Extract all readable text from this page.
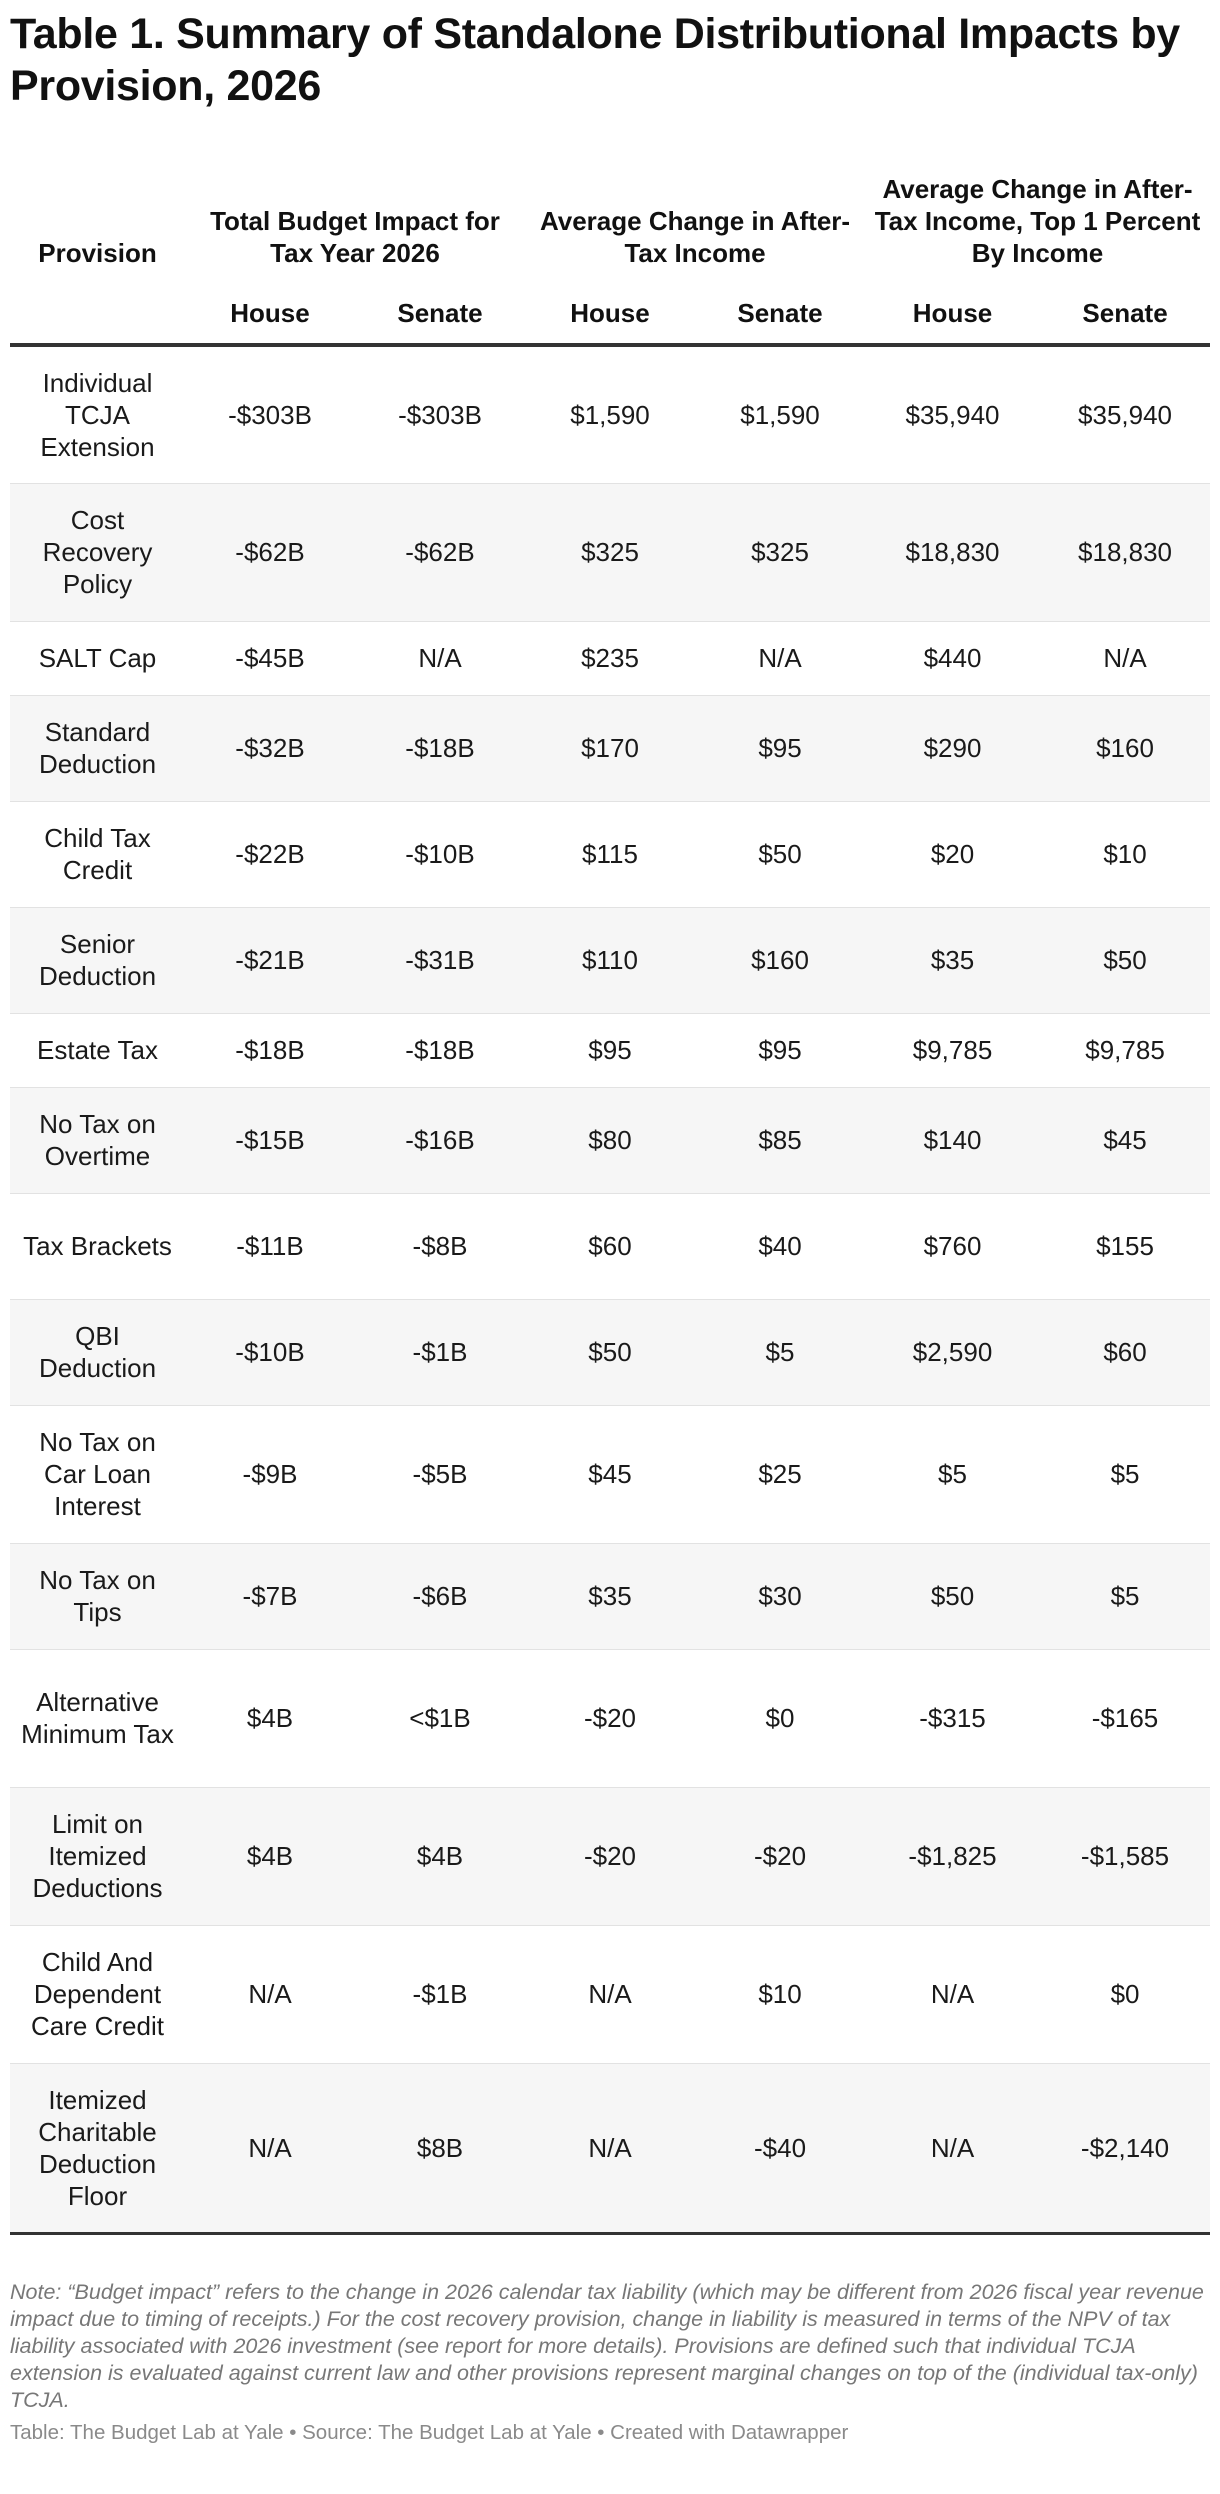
Table 1. Summary of Standalone Distributional Impacts by Provision, 2026
Provision	Total Budget Impact for Tax Year 2026		Average Change in After-Tax Income		Average Change in After-Tax Income, Top 1 Percent By Income	
	House	Senate	House	Senate	House	Senate
Individual TCJA Extension	-$303B	-$303B	$1,590	$1,590	$35,940	$35,940
Cost Recovery Policy	-$62B	-$62B	$325	$325	$18,830	$18,830
SALT Cap	-$45B	N/A	$235	N/A	$440	N/A
Standard Deduction	-$32B	-$18B	$170	$95	$290	$160
Child Tax Credit	-$22B	-$10B	$115	$50	$20	$10
Senior Deduction	-$21B	-$31B	$110	$160	$35	$50
Estate Tax	-$18B	-$18B	$95	$95	$9,785	$9,785
No Tax on Overtime	-$15B	-$16B	$80	$85	$140	$45
Tax Brackets	-$11B	-$8B	$60	$40	$760	$155
QBI Deduction	-$10B	-$1B	$50	$5	$2,590	$60
No Tax on Car Loan Interest	-$9B	-$5B	$45	$25	$5	$5
No Tax on Tips	-$7B	-$6B	$35	$30	$50	$5
Alternative Minimum Tax	$4B	<$1B	-$20	$0	-$315	-$165
Limit on Itemized Deductions	$4B	$4B	-$20	-$20	-$1,825	-$1,585
Child And Dependent Care Credit	N/A	-$1B	N/A	$10	N/A	$0
Itemized Charitable Deduction Floor	N/A	$8B	N/A	-$40	N/A	-$2,140
Note: “Budget impact” refers to the change in 2026 calendar tax liability (which may be different from 2026 fiscal year revenue impact due to timing of receipts.) For the cost recovery provision, change in liability is measured in terms of the NPV of tax liability associated with 2026 investment (see report for more details). Provisions are defined such that individual TCJA extension is evaluated against current law and other provisions represent marginal changes on top of the (individual tax-only) TCJA.
Table: The Budget Lab at Yale • Source: The Budget Lab at Yale • Created with Datawrapper
